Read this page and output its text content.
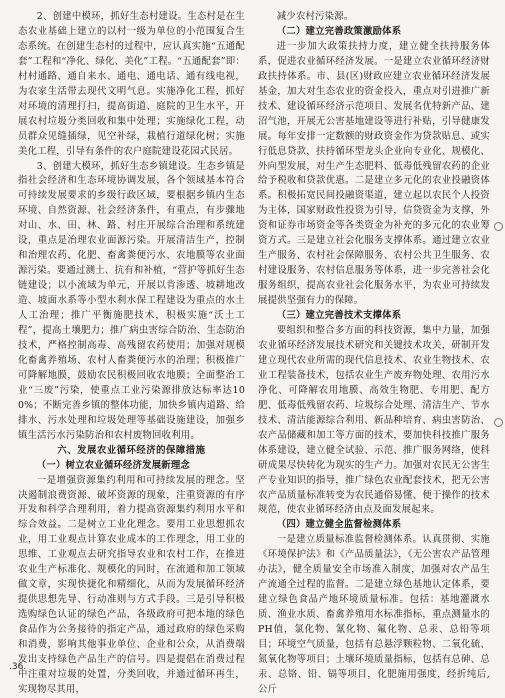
2、创建中模环，抓好生态村建设。生态村是在生态农业基础上建立的以村一级为单位的小范围复合生态系统。在创建生态村的过程中，应认真实施“五通配套”工程和“净化、绿化、美化”工程。“五通配套”即：村村通路、通自来水、通电、通电话、通有线电视，为农家生活带去现代文明气息。实施净化工程，抓好对环境的清理打扫，提高街道、庭院的卫生水平，开展农村垃圾分类回收和集中处理；实施绿化工程，动员群众见缝插绿，见空补绿，栽植行道绿化树；实施美化工程，引导有条件的农户庭院建设花园式民居。

3、创建大模环，抓好生态乡镇建设。生态乡镇是指社会经济和生态环境协调发展，各个领域基本符合可持续发展要求的乡级行政区域，要根据乡镇内生态环境、自然资源、社会经济条件，有重点，有步骤地对山、水、田、林、路、村庄开展综合治理和系统建设，重点是治理农业面源污染。开展清洁生产，控制和治理农药、化肥、畜禽粪便污水、农地膜等农业面源污染。要通过测土、抗有和补植，“营护等抓好生态链建设；以小流域为单元，开展以肯渗透、坡耕地改造、坡面水系等小型水利水保工程建设为重点的水土人工治理；推广平衡施肥技术，积极实施“沃土工程”，提高土壤肥力；推广病虫害综合防治、生态防治技术，严格控制高毒、高残留农药使用；加强对规模化畜禽养殖场、农村人畜粪便污水的治理；积极推广可降解地膜，鼓励农民积极回收农地膜；全面整治工业“三废”污染，使重点工业污染源排放达标率达100%；不断完善乡镇的整体功能，加快乡镇内道路、给排水、污水处理和垃圾处理等基础设施建设，加强乡镇生活污水污染防治和农村废物回收利用。

六、发展农业循环经济的保障措施
（一）树立农业循环经济发展新理念

一是增强资源集约利用和可持续发展的理念。坚决遏制浪费资源、破坏资源的现象，注重资源的有序开发和科学合理利用，着力提高资源集约利用水平和综合效益。二是树立工业化理念。要用工业思想抓农业，用工业观点计算农业成本的工作理念，用工业的思维、工业观点去研究指导农业和农村工作，在推进农业生产标准化、规模化的同时，在流通和加工领域做文章，实现快捷化和精细化，从而为发展循环经济提供思想先导、行动准则与方式手段。三是引导积极选购绿色认证的绿色产品，各级政府可把本地的绿色食品作为公务接待的指定产品，通过政府的绿色采购和消费，影响其他事业单位、企业和公众，从消费端发出支持绿色产品生产的信号。四是提倡在消费过程中注重对垃圾的处置，分类回收，并通过循环再生，实现物尽其用，

减少农村污染源。

（二）建立完善政策激励体系

进一步加大政策扶持力度，建立健全扶持服务体系，促进农业循环经济发展。一是建立农业循环经济财政扶持体系。市、县(区)财政应建立农业循环经济发展基金，加大对生态农业的资金投入，重点对引进推广新技术、建设循环经济示范项目、发展名优特新产品、建沼气池，开展无公害基地建设等进行补贴，引导健康发展。每年安排一定数额的财政资金作为贷款贴息、或实行低息贷款，扶持循环型龙头企业向专业化、规模化、外向型发展，对生产生态肥料、低毒低残留农药的企业给予税收和贷款优惠。二是建立多元化的农业投融资体系。积极拓宽民间投融资渠道，建立起以农民个人投资为主体，国家财政性投资为引导，信贷资金为支撑，外资和证券市场资金等各类资金为补充的多元化的农业筹资方式。三是建立社会化服务支撑体系。通过建立农业生产服务、农村社会保障服务、农村公共卫生服务、农村建设服务、农村信息服务等体系，进一步完善社会化服务组织，提高农业社会化服务水平，为农业可持续发展提供坚强有力的保障。

（三）建立完善技术支撑体系

要组织和整合多方面的科技资源，集中力量，加强农业循环经济发展技术研究和关键技术攻关，研制开发建立现代农业所需的现代信息技术、农业生物技术、农业工程装备技术，包括农业生产废弃物处理、农用污水净化、可降解农用地膜、高效生物肥、专用肥、配方肥、低毒低残留农药、垃圾综合处理、清洁生产、节水技术、清洁能源综合利用、新品种培育、病虫害防治、农产品储藏和加工等方面的技术，要加快科技推广服务体系建设，建立健全试验、示范、推广服务网络，使科研成果尽快转化为现实的生产力。加强对农民无公害生产专业知识的指导，推广绿色农业配套技术，把无公害农产品质量标准转变为农民通俗易懂、便于操作的技术规范，使农业循环经济由点及面发展起来。

（四）建立健全监督检测体系

一是建立质量标准监督检测体系。认真贯彻、实施《环境保护法》和《产品质量法》，《无公害农产品管理办法》，健全质量安全市场准入制度，加强对农产品生产流通全过程的监督。二是建立绿色基地认定体系，要建立绿色食品产地环境质量标准。包括：基地灌溉水质、渔业水质、畜禽养殖用水标准指标，重点测量水的PH值，氯化物、氰化物、氟化物、总汞、总铅等项目；环境空气质量，包括有总悬浮颗粒物、二氧化硫、氮氧化物等项目；土壤环境质量指标，包括有总砷、总汞、总铬、铅、镉等项目，化肥施用强度，经折纯后,公斤

.36.
